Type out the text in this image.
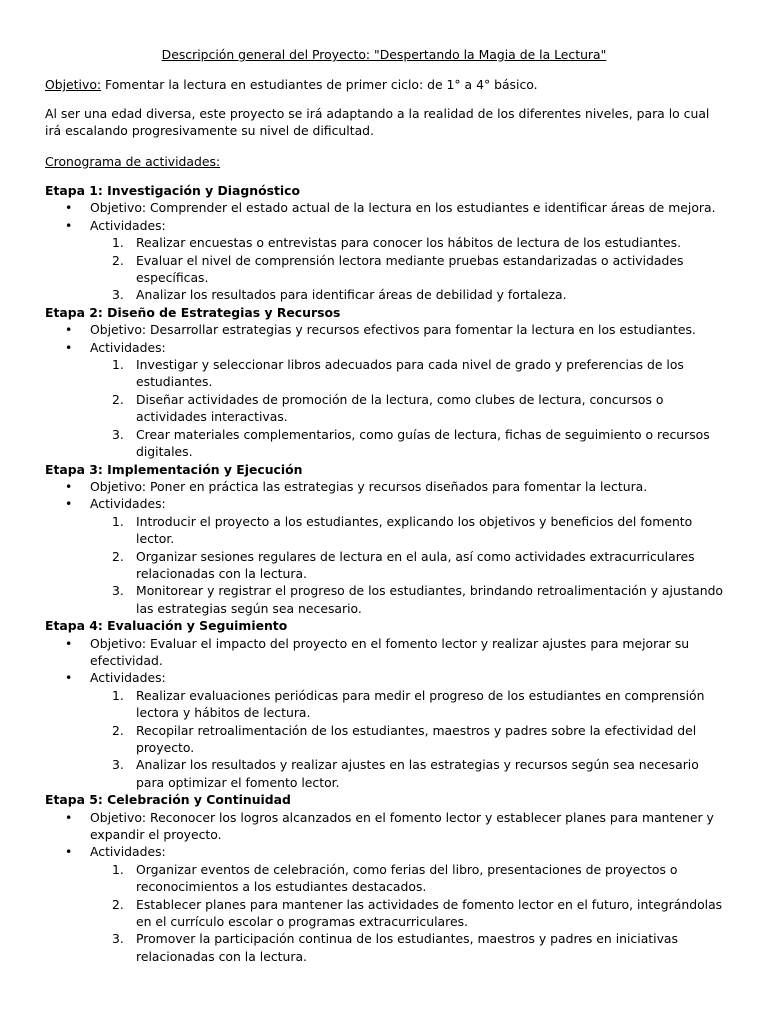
Descripción general del Proyecto: "Despertando la Magia de la Lectura"
Objetivo: Fomentar la lectura en estudiantes de primer ciclo: de 1° a 4° básico.
Al ser una edad diversa, este proyecto se irá adaptando a la realidad de los diferentes niveles, para lo cual irá escalando progresivamente su nivel de dificultad.
Cronograma de actividades:
Etapa 1: Investigación y Diagnóstico
• Objetivo: Comprender el estado actual de la lectura en los estudiantes e identificar áreas de mejora.
• Actividades:
1. Realizar encuestas o entrevistas para conocer los hábitos de lectura de los estudiantes.
2. Evaluar el nivel de comprensión lectora mediante pruebas estandarizadas o actividades específicas.
3. Analizar los resultados para identificar áreas de debilidad y fortaleza.
Etapa 2: Diseño de Estrategias y Recursos
• Objetivo: Desarrollar estrategias y recursos efectivos para fomentar la lectura en los estudiantes.
• Actividades:
1. Investigar y seleccionar libros adecuados para cada nivel de grado y preferencias de los estudiantes.
2. Diseñar actividades de promoción de la lectura, como clubes de lectura, concursos o actividades interactivas.
3. Crear materiales complementarios, como guías de lectura, fichas de seguimiento o recursos digitales.
Etapa 3: Implementación y Ejecución
• Objetivo: Poner en práctica las estrategias y recursos diseñados para fomentar la lectura.
• Actividades:
1. Introducir el proyecto a los estudiantes, explicando los objetivos y beneficios del fomento lector.
2. Organizar sesiones regulares de lectura en el aula, así como actividades extracurriculares relacionadas con la lectura.
3. Monitorear y registrar el progreso de los estudiantes, brindando retroalimentación y ajustando las estrategias según sea necesario.
Etapa 4: Evaluación y Seguimiento
• Objetivo: Evaluar el impacto del proyecto en el fomento lector y realizar ajustes para mejorar su efectividad.
• Actividades:
1. Realizar evaluaciones periódicas para medir el progreso de los estudiantes en comprensión lectora y hábitos de lectura.
2. Recopilar retroalimentación de los estudiantes, maestros y padres sobre la efectividad del proyecto.
3. Analizar los resultados y realizar ajustes en las estrategias y recursos según sea necesario para optimizar el fomento lector.
Etapa 5: Celebración y Continuidad
• Objetivo: Reconocer los logros alcanzados en el fomento lector y establecer planes para mantener y expandir el proyecto.
• Actividades:
1. Organizar eventos de celebración, como ferias del libro, presentaciones de proyectos o reconocimientos a los estudiantes destacados.
2. Establecer planes para mantener las actividades de fomento lector en el futuro, integrándolas en el currículo escolar o programas extracurriculares.
3. Promover la participación continua de los estudiantes, maestros y padres en iniciativas relacionadas con la lectura.
